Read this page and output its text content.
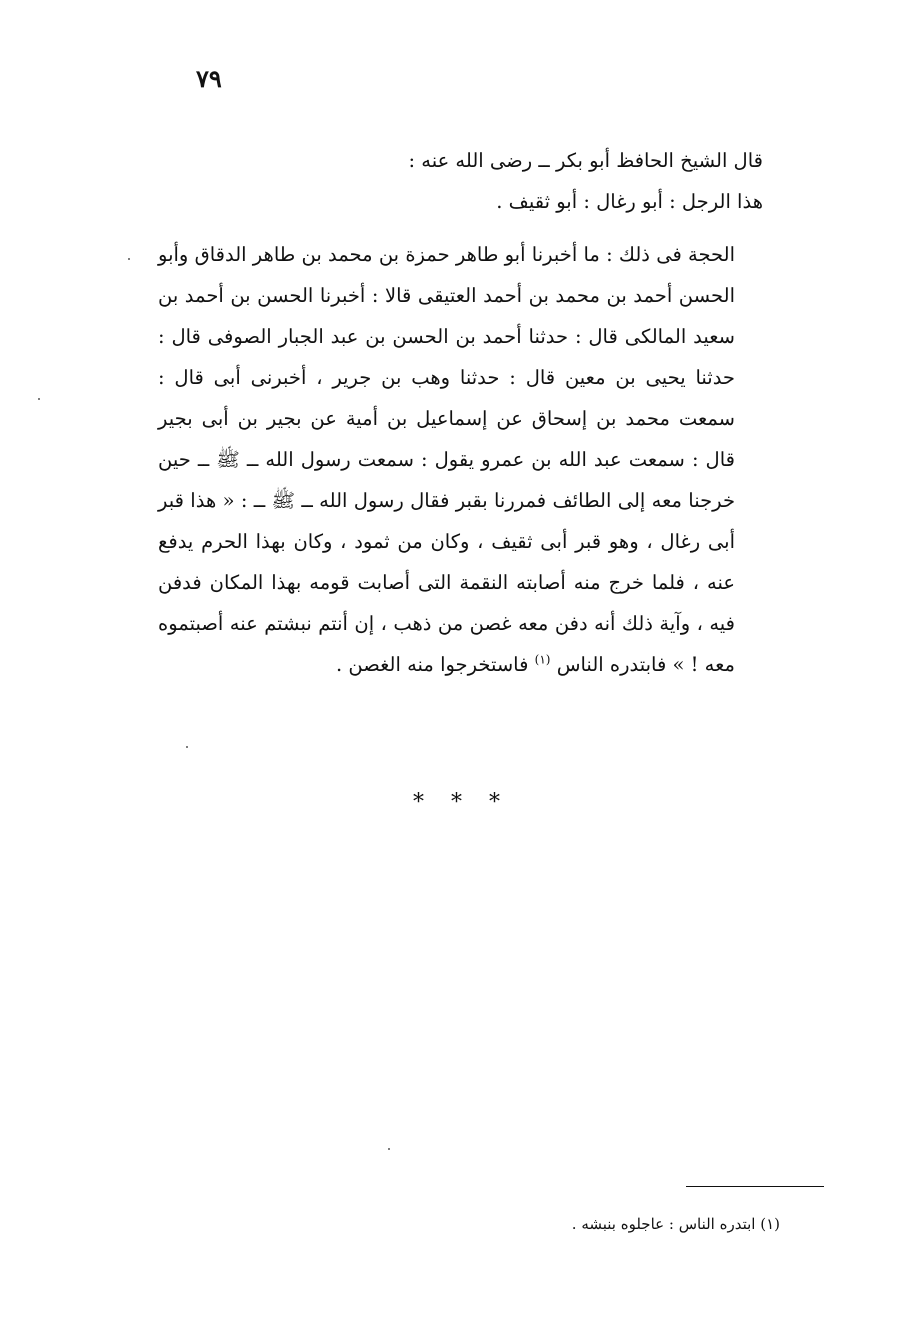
٧٩

قال الشيخ الحافظ أبو بكر ــ رضى الله عنه :

هذا الرجل : أبو رغال : أبو ثقيف .

الحجة فى ذلك : ما أخبرنا أبو طاهر حمزة بن محمد بن طاهر الدقاق وأبو الحسن أحمد بن محمد بن أحمد العتيقى قالا : أخبرنا الحسن بن أحمد بن سعيد المالكى قال : حدثنا أحمد بن الحسن بن عبد الجبار الصوفى قال : حدثنا يحيى بن معين قال : حدثنا وهب بن جرير ، أخبرنى أبى قال : سمعت محمد بن إسحاق عن إسماعيل بن أمية عن بجير بن أبى بجير قال : سمعت عبد الله بن عمرو يقول : سمعت رسول الله ــ ﷺ ــ حين خرجنا معه إلى الطائف فمررنا بقبر فقال رسول الله ــ ﷺ ــ : « هذا قبر أبى رغال ، وهو قبر أبى ثقيف ، وكان من ثمود ، وكان بهذا الحرم يدفع عنه ، فلما خرج منه أصابته النقمة التى أصابت قومه بهذا المكان فدفن فيه ، وآية ذلك أنه دفن معه غصن من ذهب ، إن أنتم نبشتم عنه أصبتموه معه ! » فابتدره الناس $^{(١)}$ فاستخرجوا منه الغصن .

* * *
(١) ابتدره الناس : عاجلوه بنبشه .
